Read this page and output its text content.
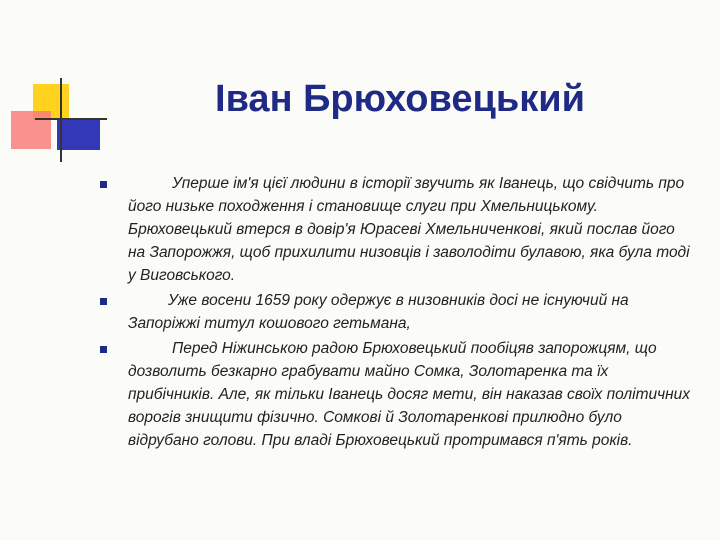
Іван Брюховецький
Уперше ім'я цієї людини в історії звучить як Іванець, що свідчить про його низьке походження і становище слуги при Хмельницькому. Брюховецький втерся в довір'я Юрасеві Хмельниченкові, який послав його на Запорожжя, щоб прихилити низовців і заволодіти булавою, яка була тоді у Виговського.
Уже восени 1659 року одержує в низовників досі не існуючий на Запоріжжі титул кошового гетьмана,
Перед Ніжинською радою Брюховецький пообіцяв запорожцям, що дозволить безкарно грабувати майно Сомка, Золотаренка та їх прибічників. Але, як тільки Іванець досяг мети, він наказав своїх політичних ворогів знищити фізично. Сомкові й Золотаренкові прилюдно було відрубано голови. При владі Брюховецький протримався п'ять років.
